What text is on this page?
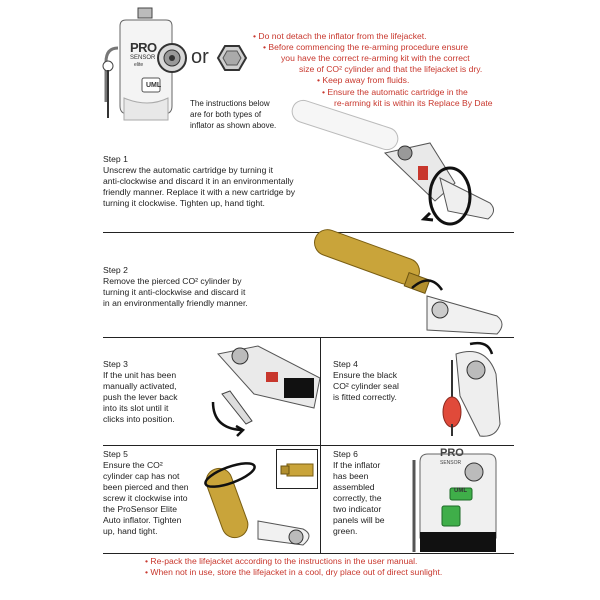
PRO
SENSOR
elite
UML
or
• Do not detach the inflator from the lifejacket.
• Before commencing the re-arming procedure ensure
you have the correct re-arming kit with the correct
size of CO² cylinder and that the lifejacket is dry.
• Keep away from fluids.
• Ensure the automatic cartridge in the
re-arming kit is within its Replace By Date
The instructions below
are for both types of
inflator as shown above.
Step 1
Unscrew the automatic cartridge by turning it
anti-clockwise and discard it in an environmentally
friendly manner. Replace it with a new cartridge by
turning it clockwise. Tighten up, hand tight.
Step 2
Remove the pierced CO² cylinder by
turning it anti-clockwise and discard it
in an environmentally friendly manner.
Step 3
If the unit has been
manually activated,
push the lever back
into its slot until it
clicks into position.
Step 4
Ensure the black
CO² cylinder seal
is fitted correctly.
Step 5
Ensure the CO²
cylinder cap has not
been pierced and then
screw it clockwise into
the ProSensor Elite
Auto inflator. Tighten
up, hand tight.
Step 6
If the inflator
has been
assembled
correctly, the
two indicator
panels will be
green.
PRO
SENSOR
UML
• Re-pack the lifejacket according to the instructions in the user manual.
• When not in use, store the lifejacket in a cool, dry place out of direct sunlight.
